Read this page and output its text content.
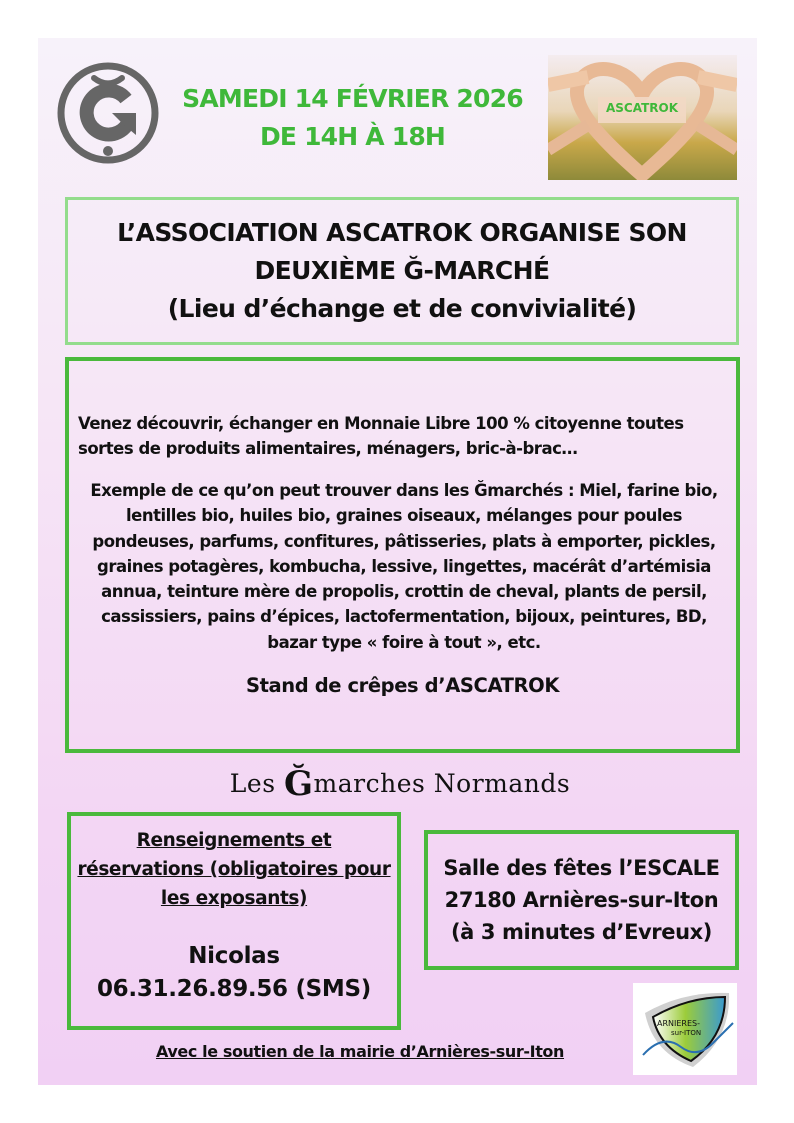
SAMEDI 14 FÉVRIER 2026
DE 14H À 18H
ASCATROK
L’ASSOCIATION ASCATROK ORGANISE SON
DEUXIÈME Ğ-MARCHÉ
(Lieu d’échange et de convivialité)
Venez découvrir, échanger en Monnaie Libre 100 % citoyenne toutes sortes de produits alimentaires, ménagers, bric-à-brac…
Exemple de ce qu’on peut trouver dans les Ğmarchés : Miel, farine bio, lentilles bio, huiles bio, graines oiseaux, mélanges pour poules pondeuses, parfums, confitures, pâtisseries, plats à emporter, pickles, graines potagères, kombucha, lessive, lingettes, macérât d’artémisia annua, teinture mère de propolis, crottin de cheval, plants de persil, cassissiers, pains d’épices, lactofermentation, bijoux, peintures, BD, bazar type « foire à tout », etc.
Stand de crêpes d’ASCATROK
Les Ğmarches Normands
Renseignements et réservations (obligatoires pour les exposants)
Nicolas
06.31.26.89.56 (SMS)
Salle des fêtes l’ESCALE
27180 Arnières-sur-Iton
(à 3 minutes d’Evreux)
Avec le soutien de la mairie d’Arnières-sur-Iton
ARNIERES-
sur-ITON
